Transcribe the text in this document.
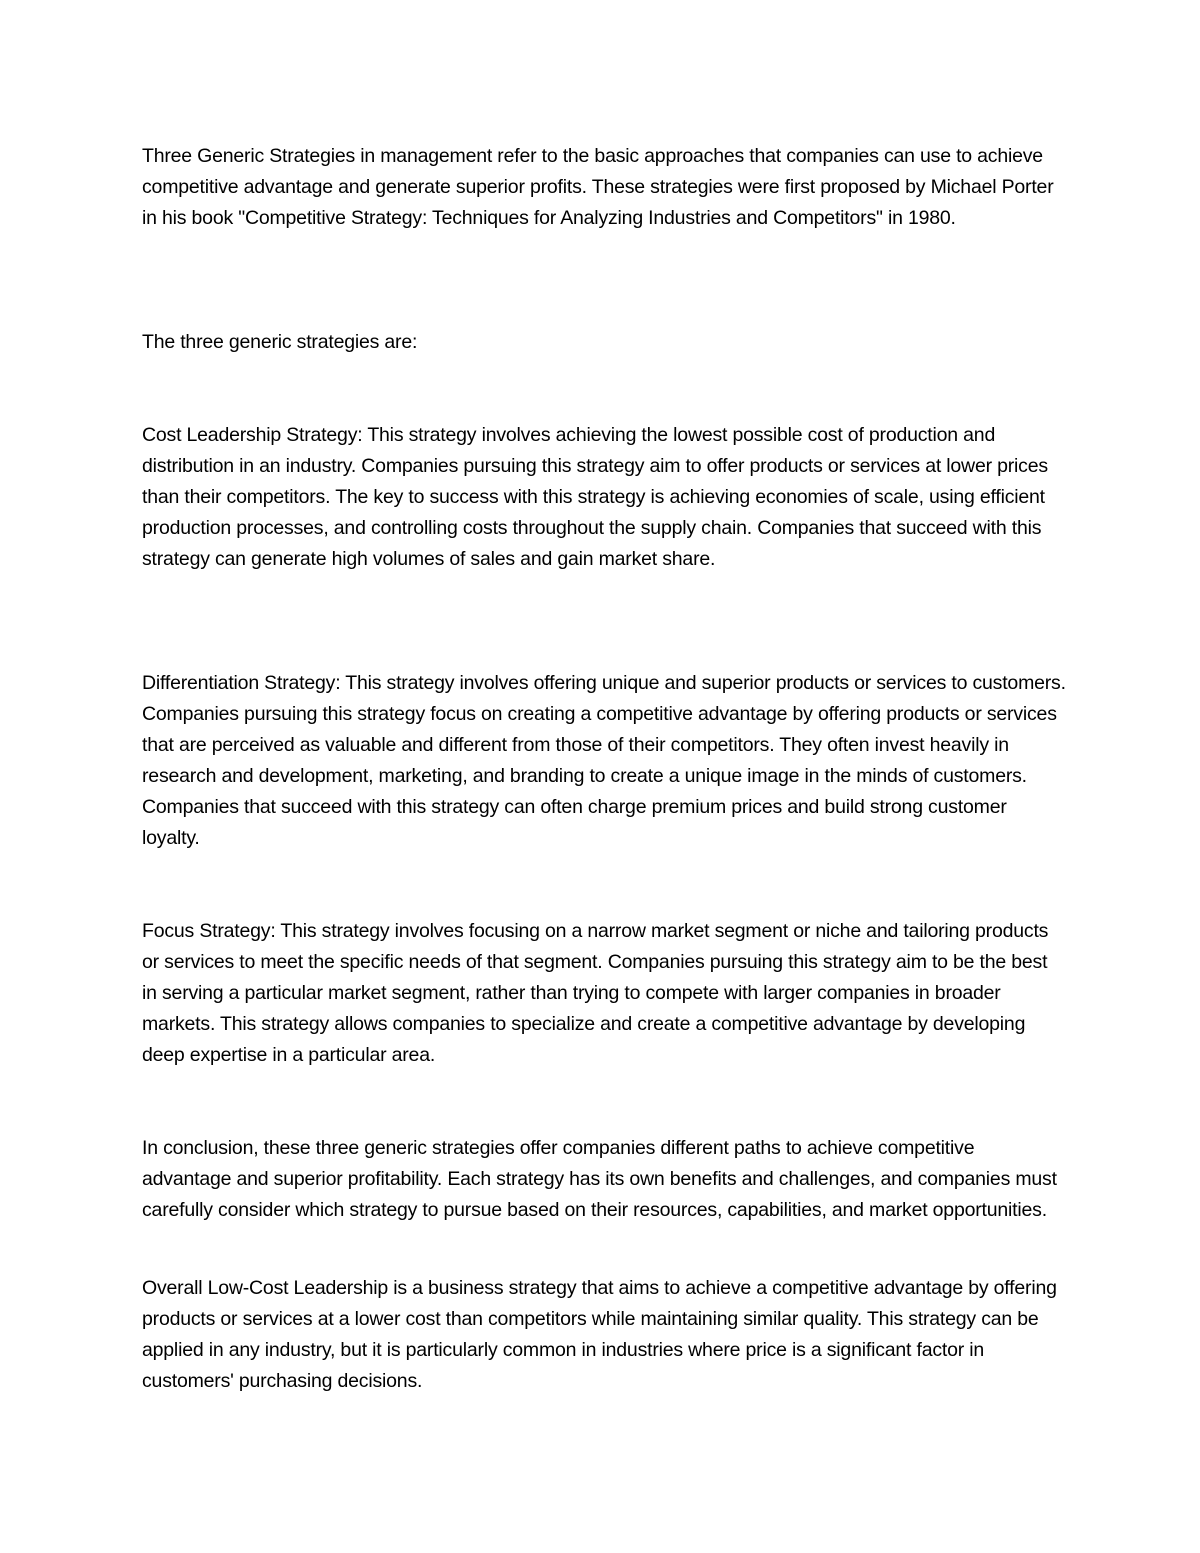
Three Generic Strategies in management refer to the basic approaches that companies can use to achieve competitive advantage and generate superior profits. These strategies were first proposed by Michael Porter in his book "Competitive Strategy: Techniques for Analyzing Industries and Competitors" in 1980.

The three generic strategies are:

Cost Leadership Strategy: This strategy involves achieving the lowest possible cost of production and distribution in an industry. Companies pursuing this strategy aim to offer products or services at lower prices than their competitors. The key to success with this strategy is achieving economies of scale, using efficient production processes, and controlling costs throughout the supply chain. Companies that succeed with this strategy can generate high volumes of sales and gain market share.

Differentiation Strategy: This strategy involves offering unique and superior products or services to customers. Companies pursuing this strategy focus on creating a competitive advantage by offering products or services that are perceived as valuable and different from those of their competitors. They often invest heavily in research and development, marketing, and branding to create a unique image in the minds of customers. Companies that succeed with this strategy can often charge premium prices and build strong customer loyalty.

Focus Strategy: This strategy involves focusing on a narrow market segment or niche and tailoring products or services to meet the specific needs of that segment. Companies pursuing this strategy aim to be the best in serving a particular market segment, rather than trying to compete with larger companies in broader markets. This strategy allows companies to specialize and create a competitive advantage by developing deep expertise in a particular area.

In conclusion, these three generic strategies offer companies different paths to achieve competitive advantage and superior profitability. Each strategy has its own benefits and challenges, and companies must carefully consider which strategy to pursue based on their resources, capabilities, and market opportunities.

Overall Low-Cost Leadership is a business strategy that aims to achieve a competitive advantage by offering products or services at a lower cost than competitors while maintaining similar quality. This strategy can be applied in any industry, but it is particularly common in industries where price is a significant factor in customers' purchasing decisions.
